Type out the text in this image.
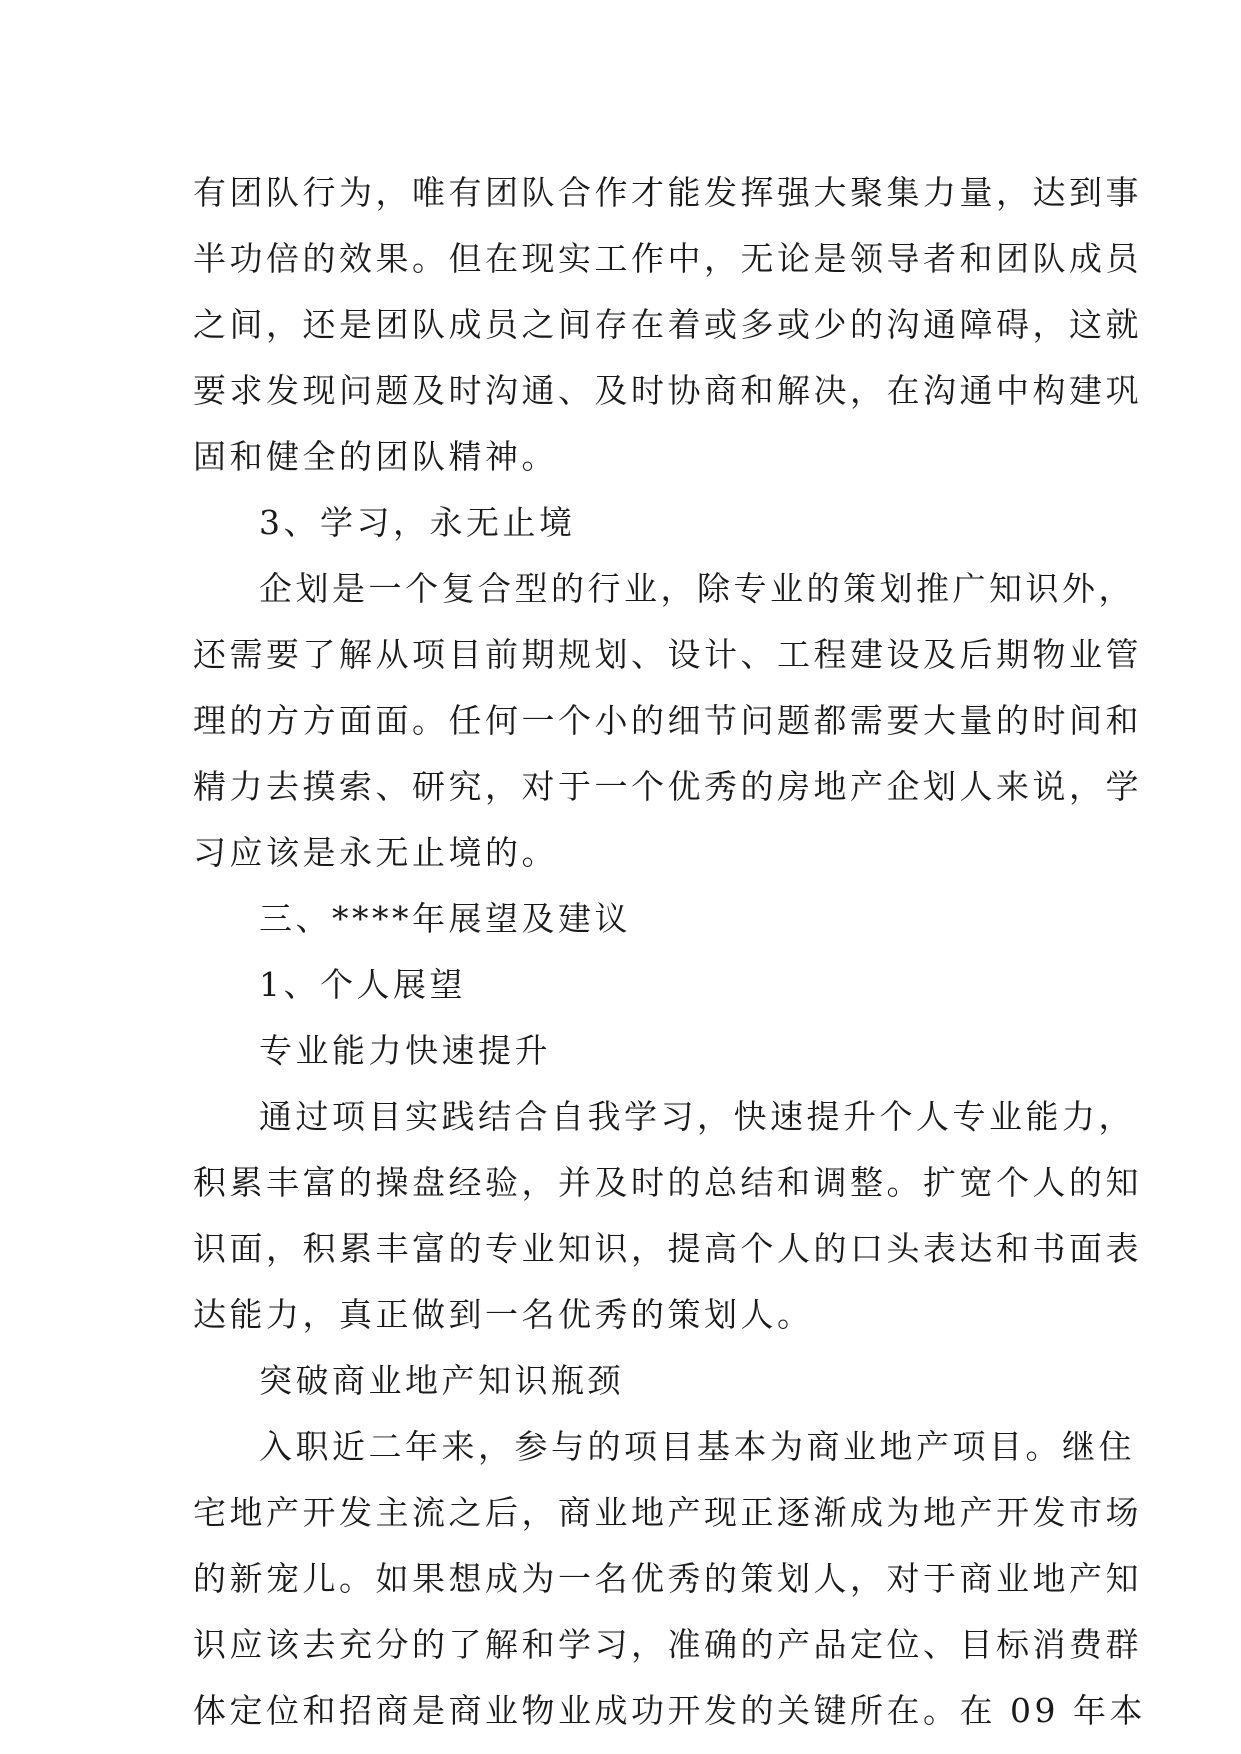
有团队行为，唯有团队合作才能发挥强大聚集力量，达到事
半功倍的效果。但在现实工作中，无论是领导者和团队成员
之间，还是团队成员之间存在着或多或少的沟通障碍，这就
要求发现问题及时沟通、及时协商和解决，在沟通中构建巩
固和健全的团队精神。
3、学习，永无止境
企划是一个复合型的行业，除专业的策划推广知识外，
还需要了解从项目前期规划、设计、工程建设及后期物业管
理的方方面面。任何一个小的细节问题都需要大量的时间和
精力去摸索、研究，对于一个优秀的房地产企划人来说，学
习应该是永无止境的。
三、****年展望及建议
1、个人展望
专业能力快速提升
通过项目实践结合自我学习，快速提升个人专业能力，
积累丰富的操盘经验，并及时的总结和调整。扩宽个人的知
识面，积累丰富的专业知识，提高个人的口头表达和书面表
达能力，真正做到一名优秀的策划人。
突破商业地产知识瓶颈
入职近二年来，参与的项目基本为商业地产项目。继住
宅地产开发主流之后，商业地产现正逐渐成为地产开发市场
的新宠儿。如果想成为一名优秀的策划人，对于商业地产知
识应该去充分的了解和学习，准确的产品定位、目标消费群
体定位和招商是商业物业成功开发的关键所在。在 09 年本
